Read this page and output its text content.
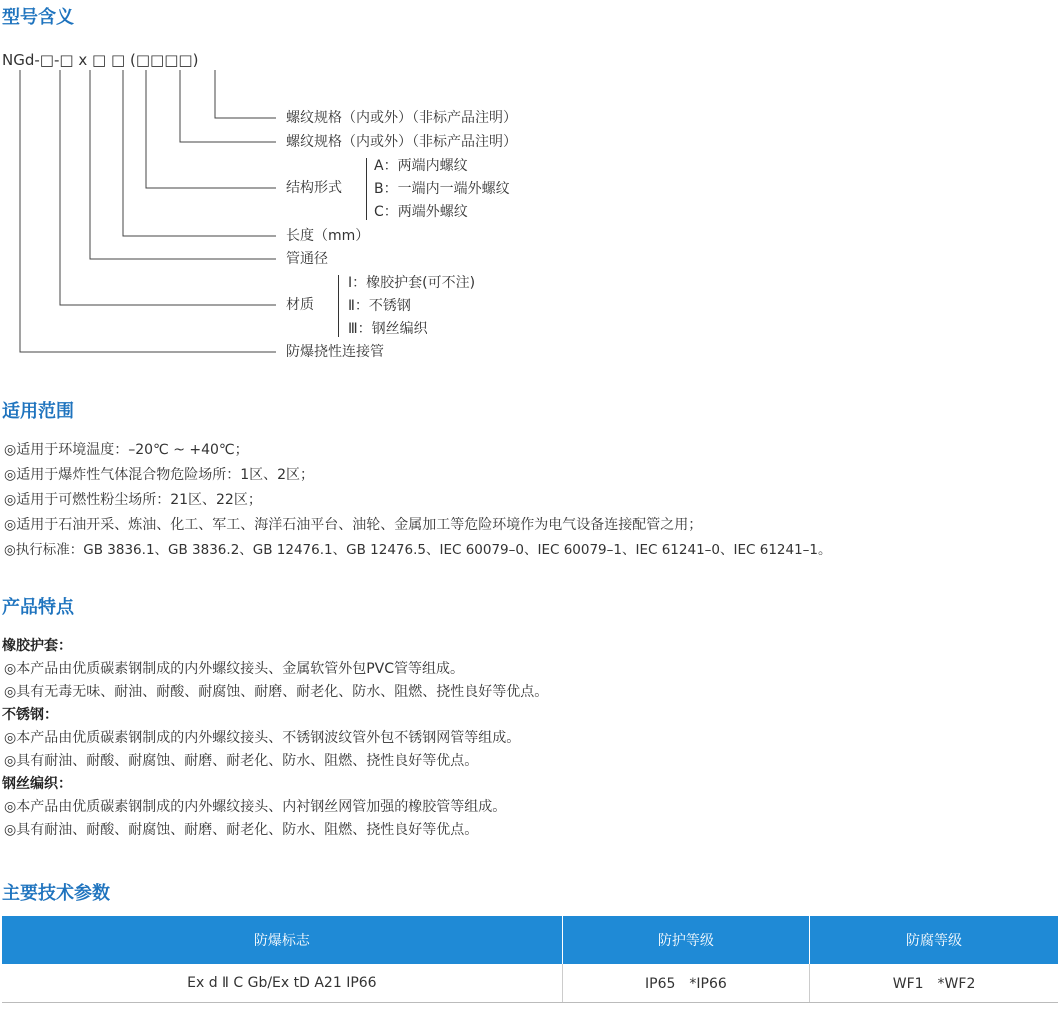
型号含义
NGd-□-□ x □ □ (□□□□)
螺纹规格（内或外）（非标产品注明）
螺纹规格（内或外）（非标产品注明）
结构形式
A：两端内螺纹
B：一端内一端外螺纹
C：两端外螺纹
长度（mm）
管通径
材质
Ⅰ：橡胶护套(可不注)
Ⅱ：不锈钢
Ⅲ：钢丝编织
防爆挠性连接管
适用范围
◎适用于环境温度：–20℃ ~ +40℃；
◎适用于爆炸性气体混合物危险场所：1区、2区；
◎适用于可燃性粉尘场所：21区、22区；
◎适用于石油开采、炼油、化工、军工、海洋石油平台、油轮、金属加工等危险环境作为电气设备连接配管之用；
◎执行标准：GB 3836.1、GB 3836.2、GB 12476.1、GB 12476.5、IEC 60079–0、IEC 60079–1、IEC 61241–0、IEC 61241–1。
产品特点
橡胶护套：
◎本产品由优质碳素钢制成的内外螺纹接头、金属软管外包PVC管等组成。
◎具有无毒无味、耐油、耐酸、耐腐蚀、耐磨、耐老化、防水、阻燃、挠性良好等优点。
不锈钢：
◎本产品由优质碳素钢制成的内外螺纹接头、不锈钢波纹管外包不锈钢网管等组成。
◎具有耐油、耐酸、耐腐蚀、耐磨、耐老化、防水、阻燃、挠性良好等优点。
钢丝编织：
◎本产品由优质碳素钢制成的内外螺纹接头、内衬钢丝网管加强的橡胶管等组成。
◎具有耐油、耐酸、耐腐蚀、耐磨、耐老化、防水、阻燃、挠性良好等优点。
主要技术参数
防爆标志	防护等级	防腐等级
Ex d Ⅱ C Gb/Ex tD A21 IP66	IP65　*IP66	WF1　*WF2
